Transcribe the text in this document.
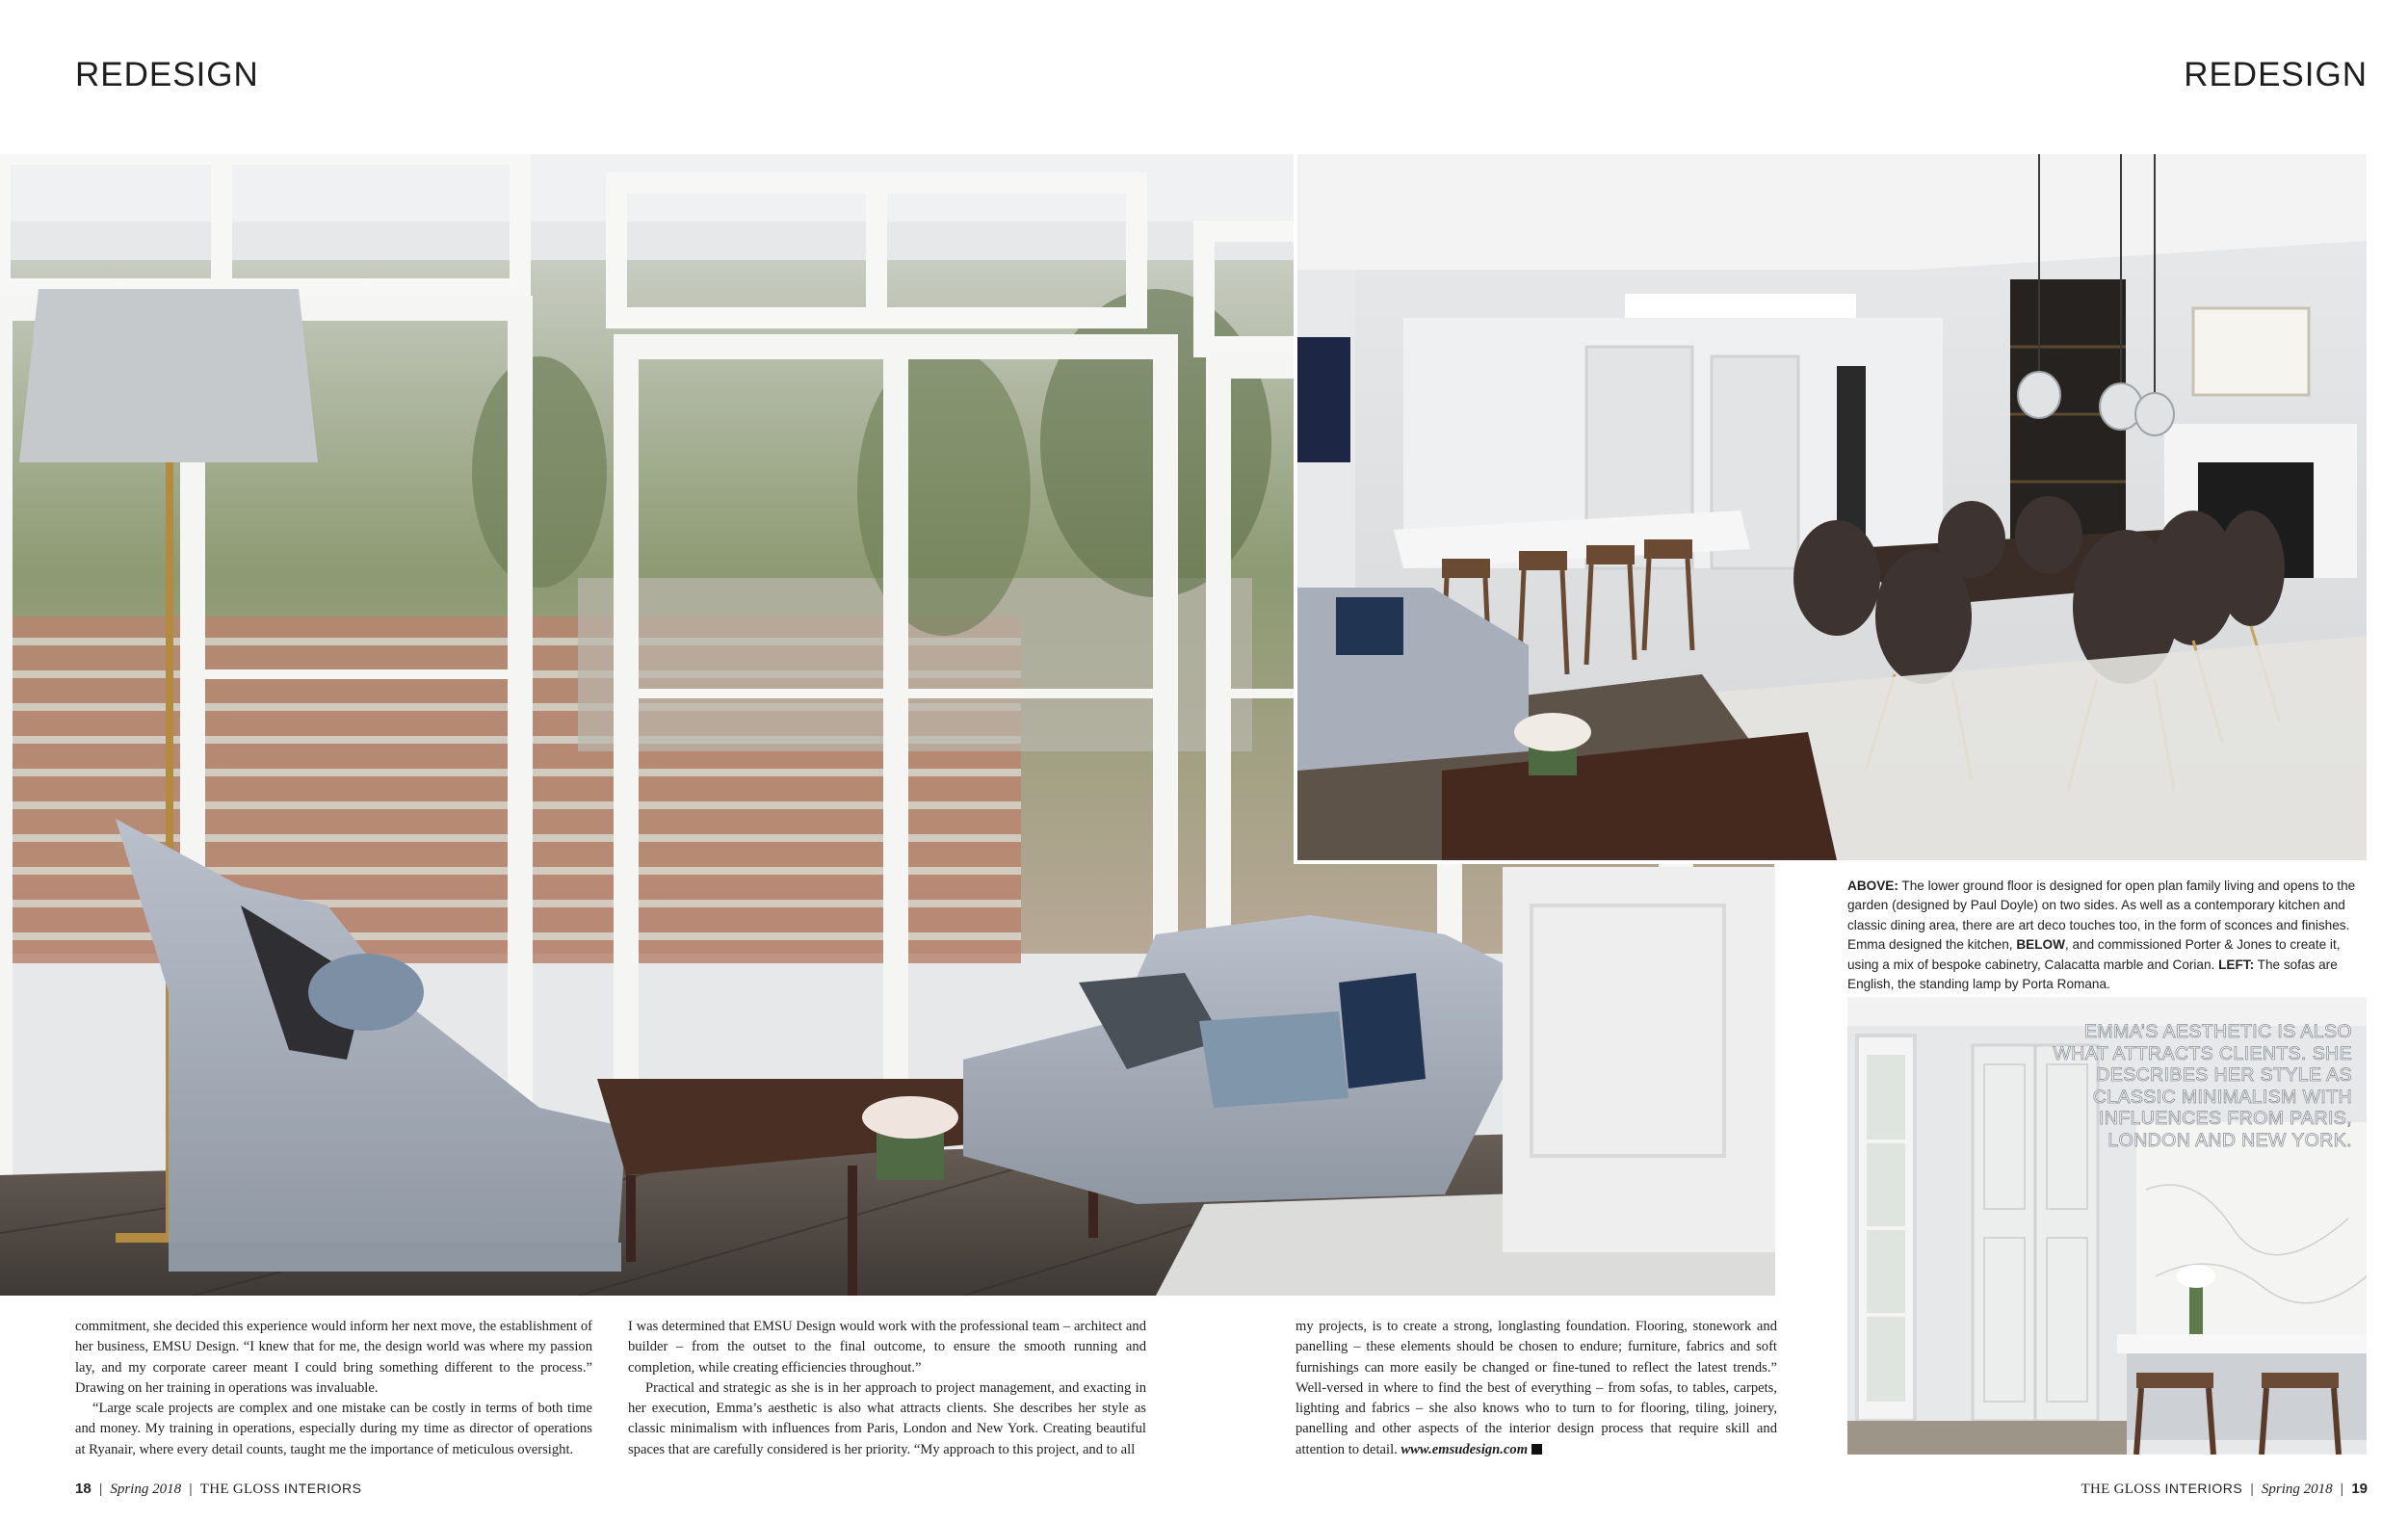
REDESIGN	REDESIGN
ABOVE: The lower ground floor is designed for open plan family living and opens to the garden (designed by Paul Doyle) on two sides. As well as a contemporary kitchen and classic dining area, there are art deco touches too, in the form of sconces and finishes. Emma designed the kitchen, BELOW, and commissioned Porter & Jones to create it, using a mix of bespoke cabinetry, Calacatta marble and Corian. LEFT: The sofas are English, the standing lamp by Porta Romana.
EMMA’S AESTHETIC IS ALSO WHAT ATTRACTS CLIENTS. SHE DESCRIBES HER STYLE AS CLASSIC MINIMALISM WITH INFLUENCES FROM PARIS, LONDON AND NEW YORK.

commitment, she decided this experience would inform her next move, the establishment of her business, EMSU Design. “I knew that for me, the design world was where my passion lay, and my corporate career meant I could bring something different to the process.” Drawing on her training in operations was invaluable.

“Large scale projects are complex and one mistake can be costly in terms of both time and money. My training in operations, especially during my time as director of operations at Ryanair, where every detail counts, taught me the importance of meticulous oversight.

I was determined that EMSU Design would work with the professional team – architect and builder – from the outset to the final outcome, to ensure the smooth running and completion, while creating efficiencies throughout.”

Practical and strategic as she is in her approach to project management, and exacting in her execution, Emma’s aesthetic is also what attracts clients. She describes her style as classic minimalism with influences from Paris, London and New York. Creating beautiful spaces that are carefully considered is her priority. “My approach to this project, and to all

my projects, is to create a strong, longlasting foundation. Flooring, stonework and panelling – these elements should be chosen to endure; furniture, fabrics and soft furnishings can more easily be changed or fine-tuned to reflect the latest trends.” Well-versed in where to find the best of everything – from sofas, to tables, carpets, lighting and fabrics – she also knows who to turn to for flooring, tiling, joinery, panelling and other aspects of the interior design process that require skill and attention to detail. www.emsudesign.com

18 | Spring 2018 | THE GLOSS INTERIORS	THE GLOSS INTERIORS | Spring 2018 | 19
